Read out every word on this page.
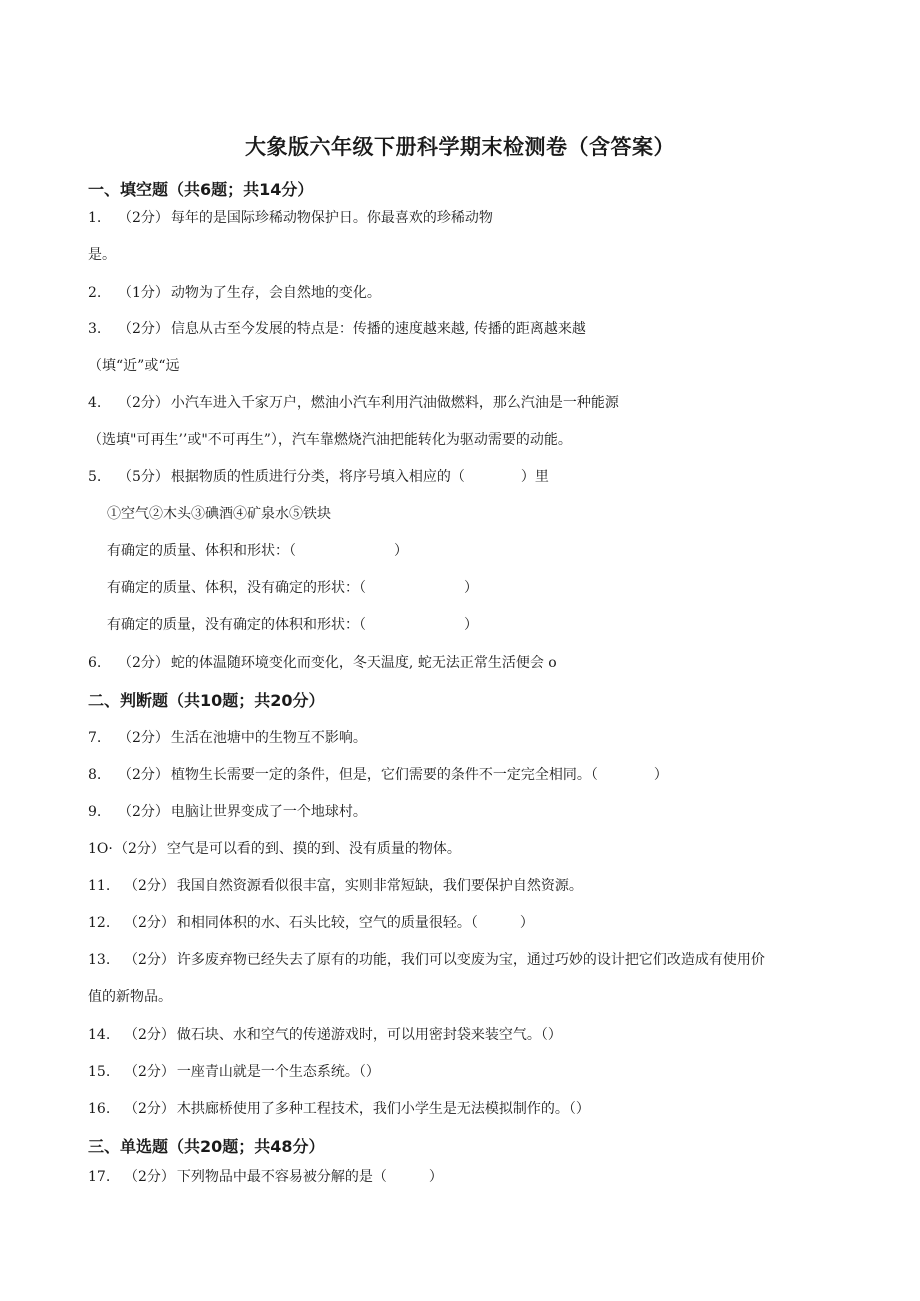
大象版六年级下册科学期末检测卷（含答案）
一、填空题（共6题；共14分）
1. （2分） 每年的是国际珍稀动物保护日。你最喜欢的珍稀动物
是。
2. （1分） 动物为了生存，会自然地的变化。
3. （2分） 信息从古至今发展的特点是：传播的速度越来越, 传播的距离越来越
（填“近”或“远
4. （2分） 小汽车进入千家万户，燃油小汽车利用汽油做燃料，那么汽油是一种能源
（选填"可再生’’或"不可再生”），汽车靠燃烧汽油把能转化为驱动需要的动能。
5. （5分） 根据物质的性质进行分类，将序号填入相应的（　　　　）里
①空气②木头③碘酒④矿泉水⑤铁块
有确定的质量、体积和形状：（　　　　　　　）
有确定的质量、体积，没有确定的形状：（　　　　　　　）
有确定的质量，没有确定的体积和形状：（　　　　　　　）
6. （2分） 蛇的体温随环境变化而变化，冬天温度, 蛇无法正常生活便会 o
二、判断题（共10题；共20分）
7. （2分） 生活在池塘中的生物互不影响。
8. （2分） 植物生长需要一定的条件，但是，它们需要的条件不一定完全相同。（　　　　）
9. （2分） 电脑让世界变成了一个地球村。
1O·（2分） 空气是可以看的到、摸的到、没有质量的物体。
11. （2分） 我国自然资源看似很丰富，实则非常短缺，我们要保护自然资源。
12. （2分） 和相同体积的水、石头比较，空气的质量很轻。（　　　）
13. （2分） 许多废弃物已经失去了原有的功能，我们可以变废为宝，通过巧妙的设计把它们改造成有使用价
值的新物品。
14. （2分） 做石块、水和空气的传递游戏时，可以用密封袋来装空气。（）
15. （2分） 一座青山就是一个生态系统。（）
16. （2分） 木拱廊桥使用了多种工程技术，我们小学生是无法模拟制作的。（）
三、单选题（共20题；共48分）
17. （2分） 下列物品中最不容易被分解的是（　　　）
